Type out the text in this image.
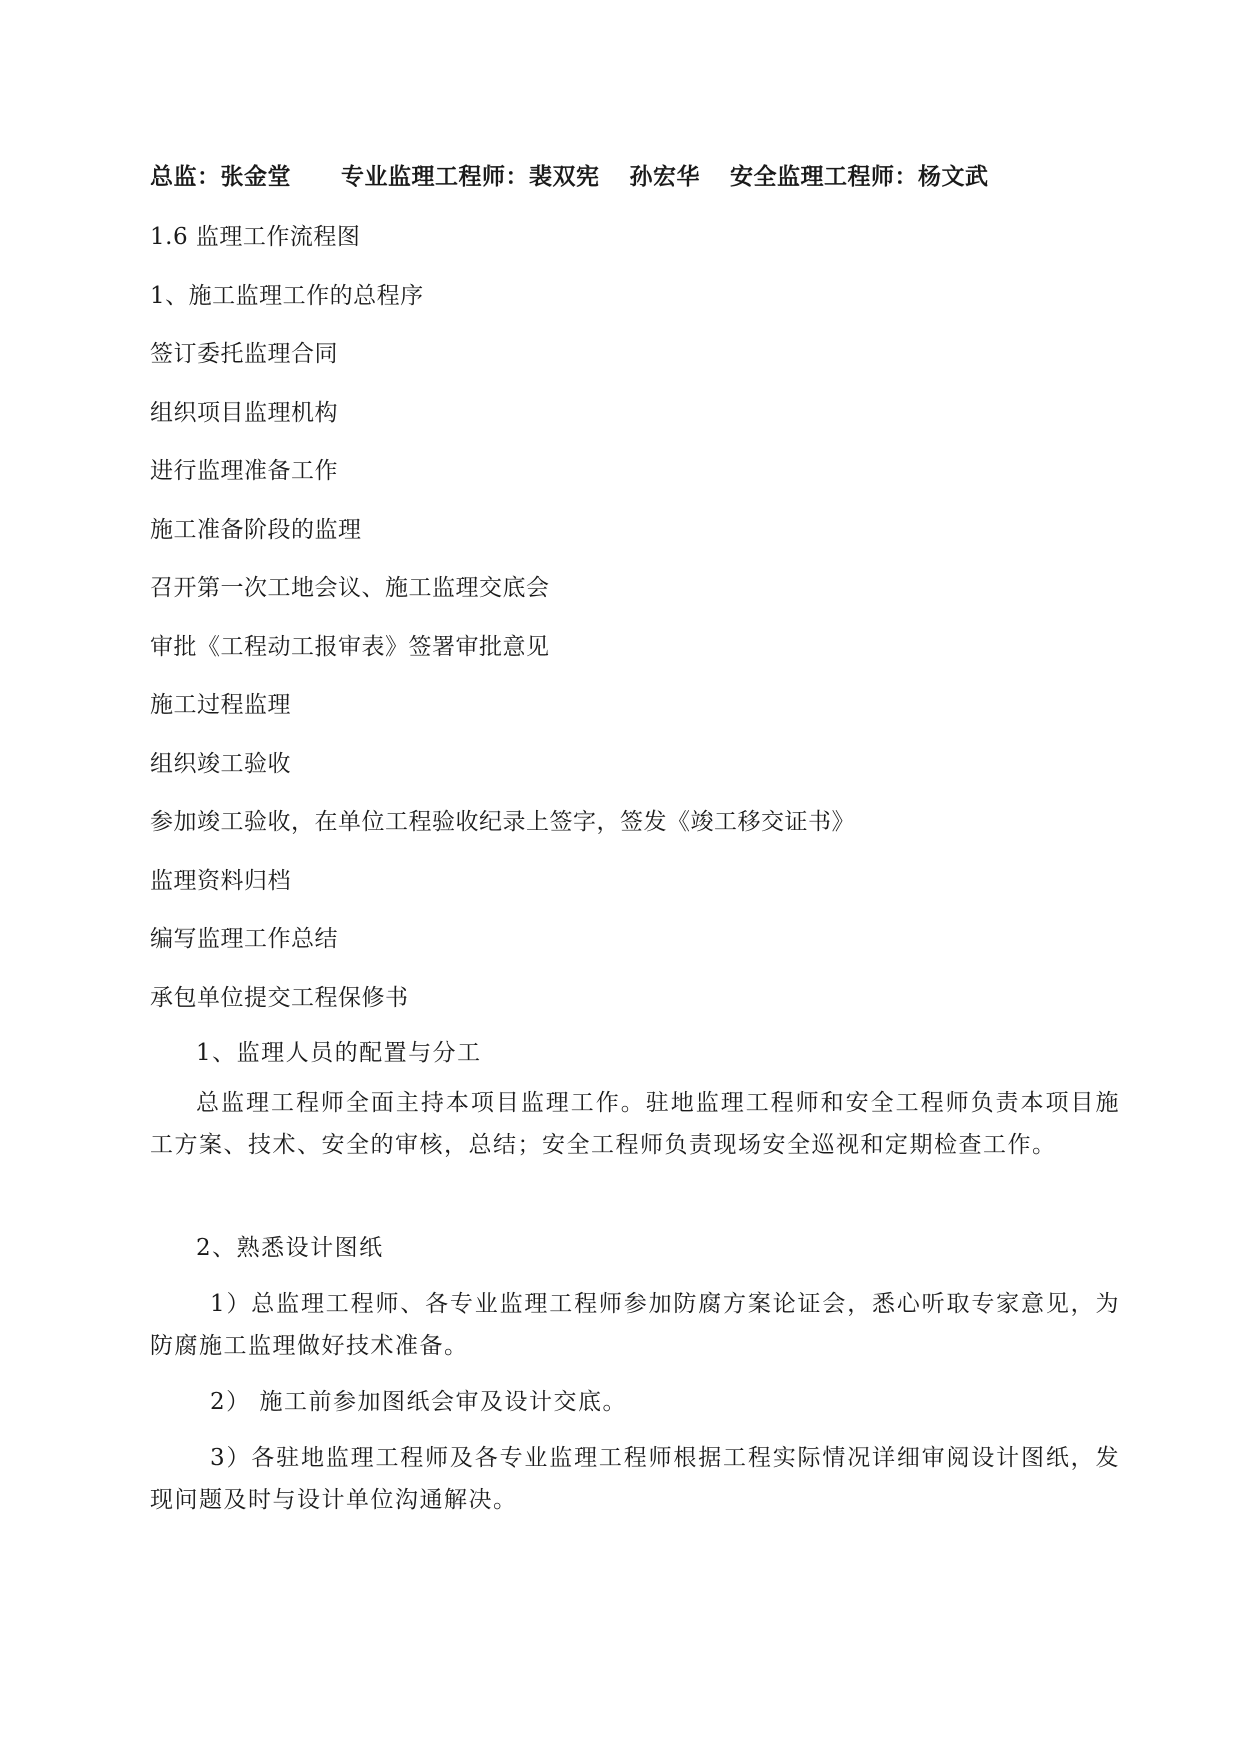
总监：张金堂 专业监理工程师：裴双宪 孙宏华 安全监理工程师：杨文武
1.6 监理工作流程图
1、施工监理工作的总程序
签订委托监理合同
组织项目监理机构
进行监理准备工作
施工准备阶段的监理
召开第一次工地会议、施工监理交底会
审批《工程动工报审表》签署审批意见
施工过程监理
组织竣工验收
参加竣工验收，在单位工程验收纪录上签字，签发《竣工移交证书》
监理资料归档
编写监理工作总结
承包单位提交工程保修书

1、监理人员的配置与分工

总监理工程师全面主持本项目监理工作。驻地监理工程师和安全工程师负责本项目施工方案、技术、安全的审核，总结；安全工程师负责现场安全巡视和定期检查工作。

2、熟悉设计图纸

1）总监理工程师、各专业监理工程师参加防腐方案论证会，悉心听取专家意见，为防腐施工监理做好技术准备。

2） 施工前参加图纸会审及设计交底。

3）各驻地监理工程师及各专业监理工程师根据工程实际情况详细审阅设计图纸，发现问题及时与设计单位沟通解决。
